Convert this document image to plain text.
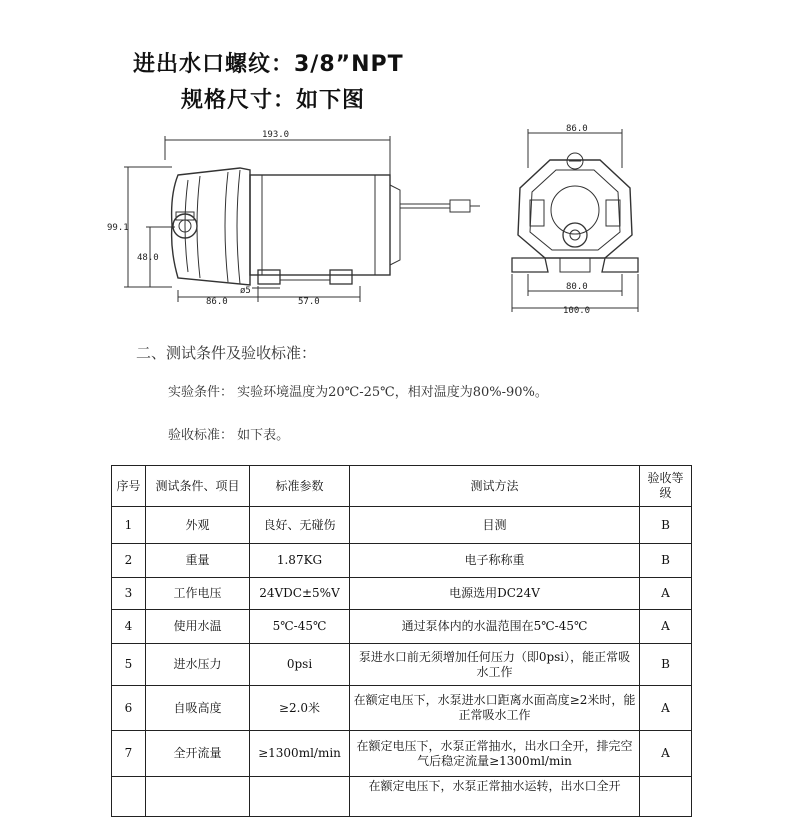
进出水口螺纹：3/8”NPT
规格尺寸：如下图
193.0
99.1
48.0
ø5
86.0	57.0
86.0
80.0
100.0
二、测试条件及验收标准：
实验条件： 实验环境温度为20℃-25℃，相对温度为80%-90%。
验收标准： 如下表。
序号	测试条件、项目	标准参数	测试方法	验收等级
1	外观	良好、无碰伤	目测	B
2	重量	1.87KG	电子称称重	B
3	工作电压	24VDC±5%V	电源选用DC24V	A
4	使用水温	5℃-45℃	通过泵体内的水温范围在5℃-45℃	A
5	进水压力	0psi	泵进水口前无须增加任何压力（即0psi），能正常吸水工作	B
6	自吸高度	≥2.0米	在额定电压下，水泵进水口距离水面高度≥2米时，能正常吸水工作	A
7	全开流量	≥1300ml/min	在额定电压下，水泵正常抽水，出水口全开，排完空气后稳定流量≥1300ml/min	A
			在额定电压下，水泵正常抽水运转，出水口全开	
